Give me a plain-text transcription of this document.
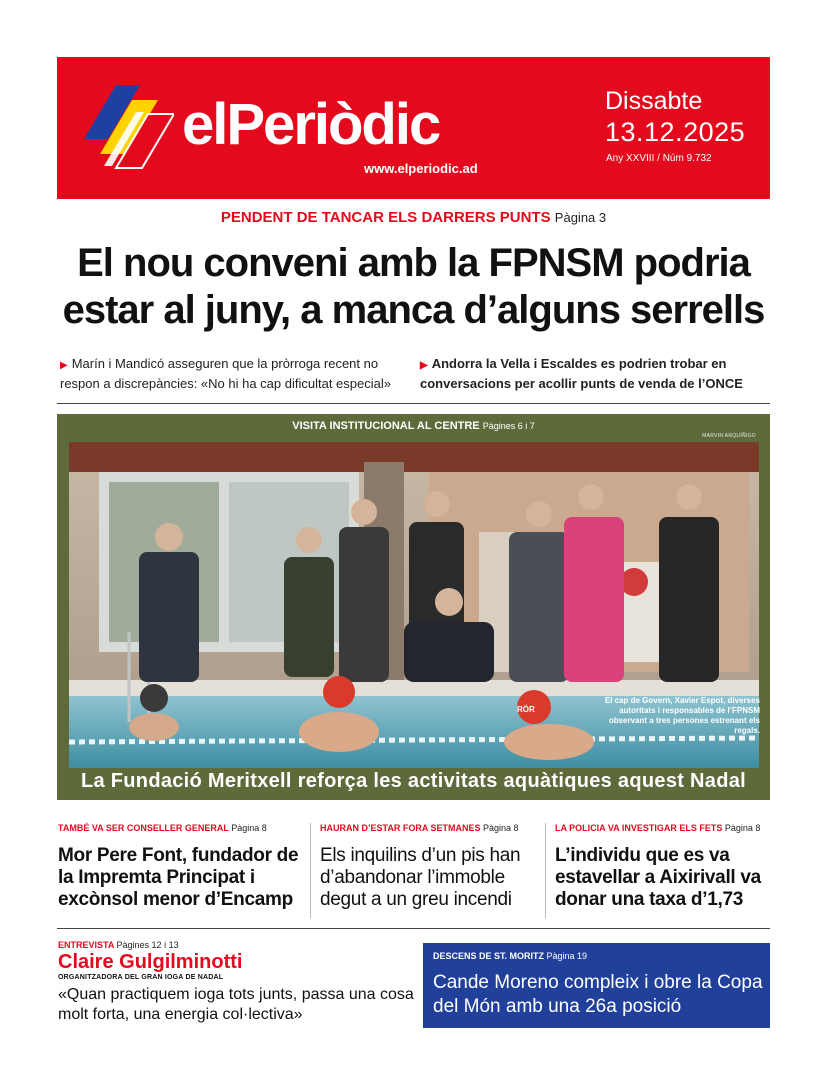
elPeriòdic
www.elperiodic.ad
Dissabte
13.12.2025
Any XXVIII / Núm 9.732
PENDENT DE TANCAR ELS DARRERS PUNTS Pàgina 3
El nou conveni amb la FPNSM podria
estar al juny, a manca d’alguns serrells
▶ Marín i Mandicó asseguren que la pròrroga recent no respon a discrepàncies: «No hi ha cap dificultat especial»
▶ Andorra la Vella i Escaldes es podrien trobar en conversacions per acollir punts de venda de l’ONCE
VISITA INSTITUCIONAL AL CENTRE Pàgines 6 i 7
MARVIN ARQUÍÑIGO
RÖR
El cap de Govern, Xavier Espot, diverses autoritats i responsables de l’FPNSM observant a tres persones estrenant els regals.
La Fundació Meritxell reforça les activitats aquàtiques aquest Nadal
TAMBÉ VA SER CONSELLER GENERAL Pàgina 8
Mor Pere Font, fundador de la Impremta Principat i excònsol menor d’Encamp
HAURAN D’ESTAR FORA SETMANES Pàgina 8
Els inquilins d’un pis han d’abandonar l’immoble degut a un greu incendi
LA POLICIA VA INVESTIGAR ELS FETS Pàgina 8
L’individu que es va estavellar a Aixirivall va donar una taxa d’1,73
ENTREVISTA Pàgines 12 i 13
Claire Gulgilminotti
ORGANITZADORA DEL GRAN IOGA DE NADAL
«Quan practiquem ioga tots junts, passa una cosa molt forta, una energia col·lectiva»
DESCENS DE ST. MORITZ Pàgina 19
Cande Moreno compleix i obre la Copa del Món amb una 26a posició
